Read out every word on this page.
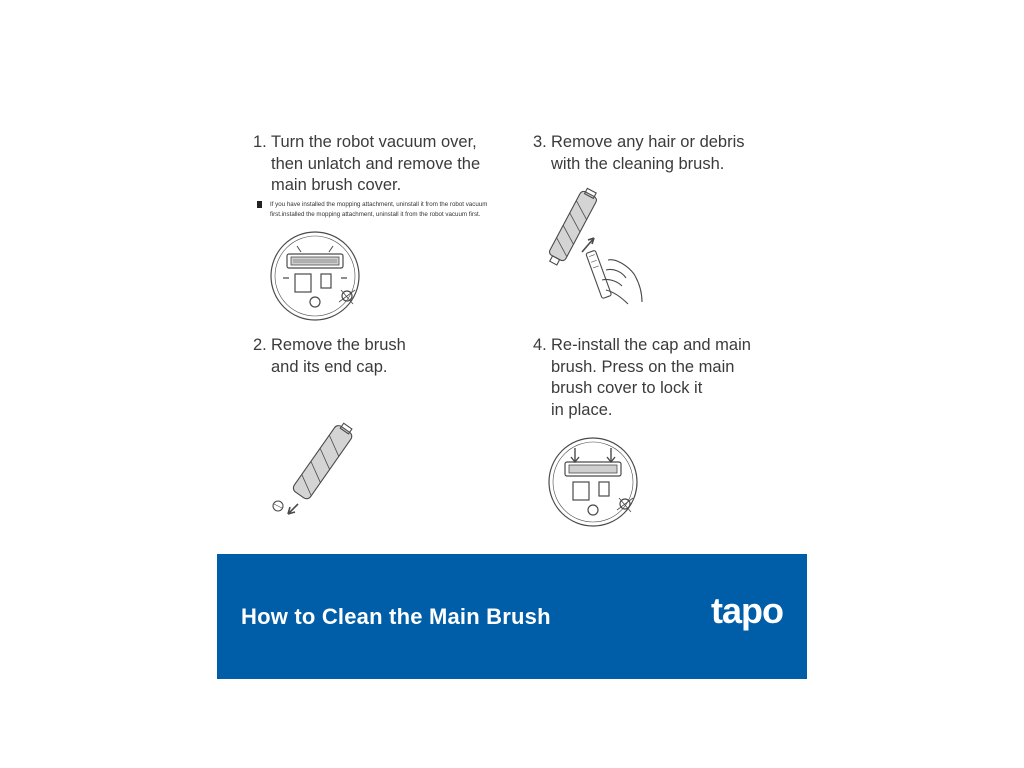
1. Turn the robot vacuum over,
then unlatch and remove the
main brush cover.
If you have installed the mopping attachment, uninstall it from the robot vacuum
first.installed the mopping attachment, uninstall it from the robot vacuum first.
3. Remove any hair or debris
with the cleaning brush.
2. Remove the brush
and its end cap.
4. Re-install the cap and main
brush. Press on the main
brush cover to lock it
in place.
How to Clean the Main Brush	tapo
